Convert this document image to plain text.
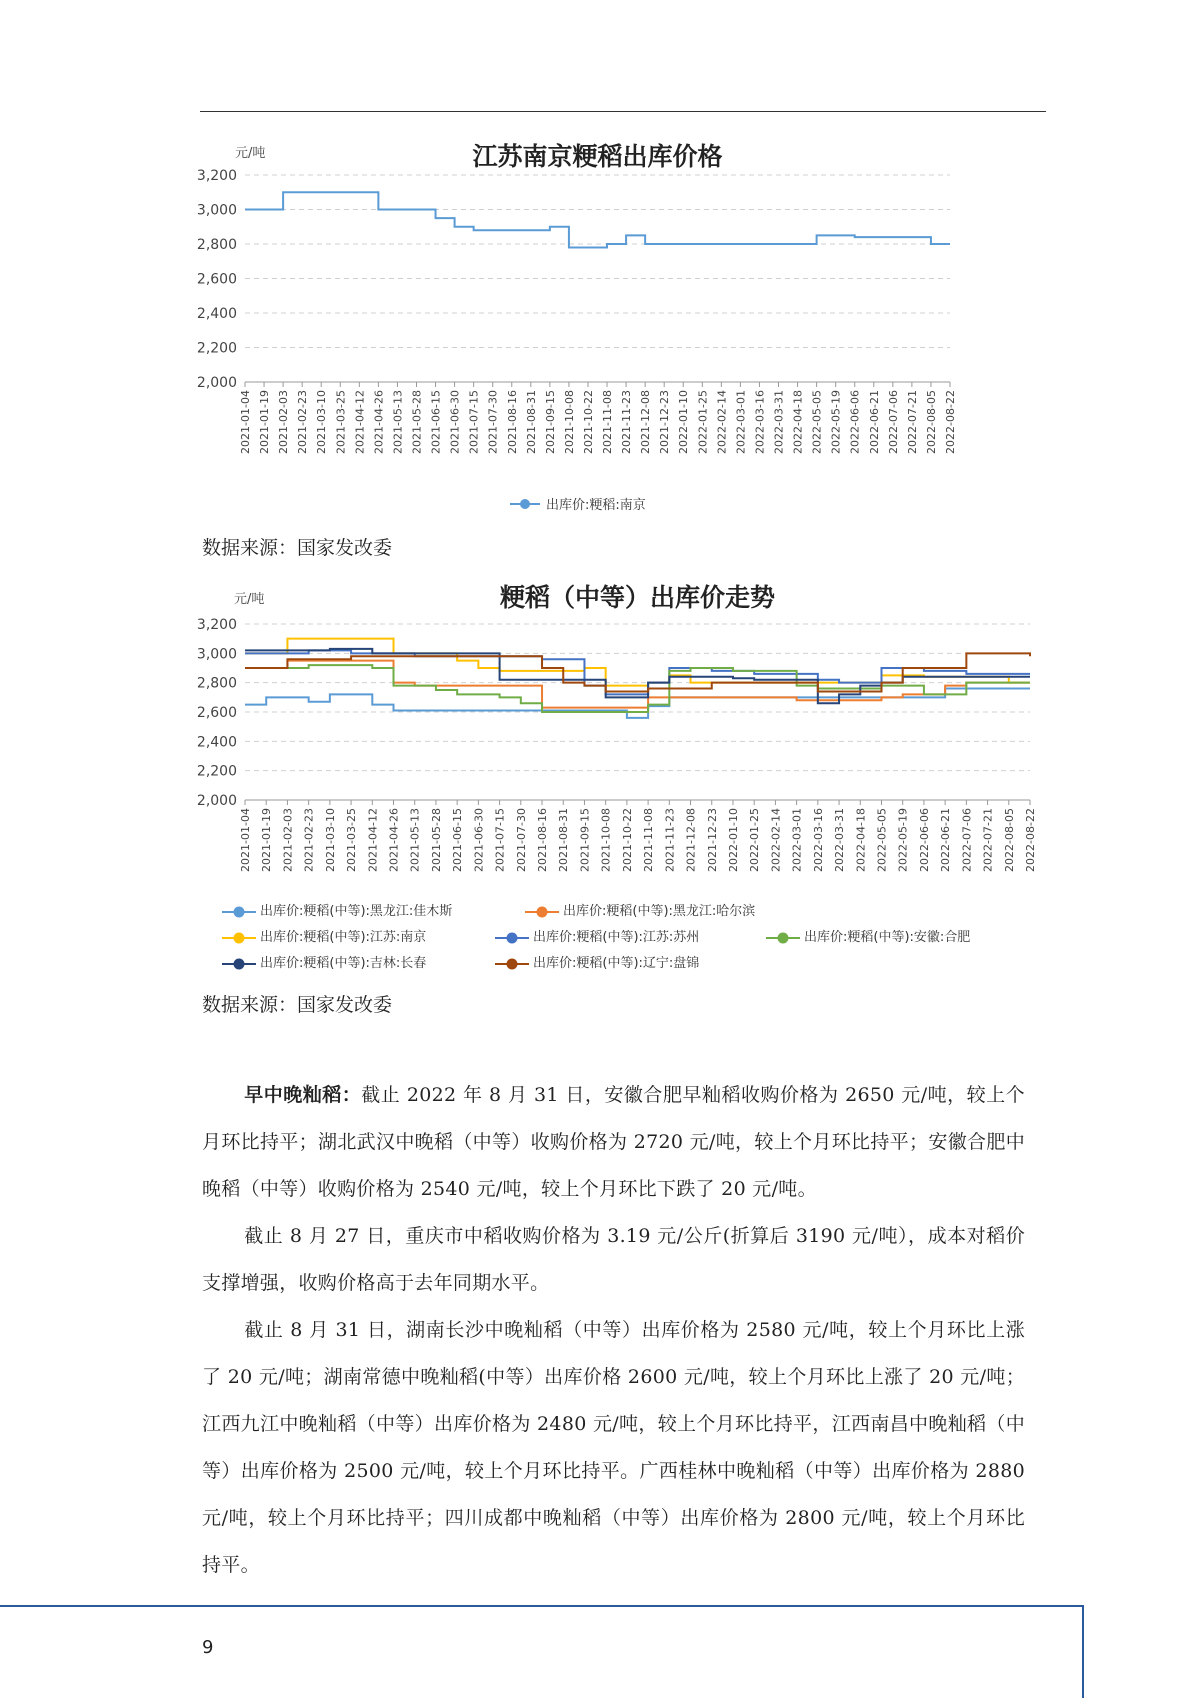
江苏南京粳稻出库价格
元/吨
3,200
3,000
2,800
2,600
2,400
2,200
2,000
2021-01-04 2021-01-19 2021-02-03 2021-02-23 2021-03-10 2021-03-25 2021-04-12 2021-04-26 2021-05-13 2021-05-28 2021-06-15 2021-06-30 2021-07-15 2021-07-30 2021-08-16 2021-08-31 2021-09-15 2021-10-08 2021-10-22 2021-11-08 2021-11-23 2021-12-08 2021-12-23 2022-01-10 2022-01-25 2022-02-14 2022-03-01 2022-03-16 2022-03-31 2022-04-18 2022-05-05 2022-05-19 2022-06-06 2022-06-21 2022-07-06 2022-07-21 2022-08-05 2022-08-22
出库价:粳稻:南京
数据来源：国家发改委
粳稻（中等）出库价走势
元/吨
3,200
3,000
2,800
2,600
2,400
2,200
2,000
2021-01-04 2021-01-19 2021-02-03 2021-02-23 2021-03-10 2021-03-25 2021-04-12 2021-04-26 2021-05-13 2021-05-28 2021-06-15 2021-06-30 2021-07-15 2021-07-30 2021-08-16 2021-08-31 2021-09-15 2021-10-08 2021-10-22 2021-11-08 2021-11-23 2021-12-08 2021-12-23 2022-01-10 2022-01-25 2022-02-14 2022-03-01 2022-03-16 2022-03-31 2022-04-18 2022-05-05 2022-05-19 2022-06-06 2022-06-21 2022-07-06 2022-07-21 2022-08-05 2022-08-22
出库价:粳稻(中等):黑龙江:佳木斯	出库价:粳稻(中等):黑龙江:哈尔滨
出库价:粳稻(中等):江苏:南京	出库价:粳稻(中等):江苏:苏州	出库价:粳稻(中等):安徽:合肥
出库价:粳稻(中等):吉林:长春	出库价:粳稻(中等):辽宁:盘锦
数据来源：国家发改委

早中晚籼稻：截止 2022 年 8 月 31 日，安徽合肥早籼稻收购价格为 2650 元/吨，较上个月环比持平；湖北武汉中晚稻（中等）收购价格为 2720 元/吨，较上个月环比持平；安徽合肥中晚稻（中等）收购价格为 2540 元/吨，较上个月环比下跌了 20 元/吨。

截止 8 月 27 日，重庆市中稻收购价格为 3.19 元/公斤(折算后 3190 元/吨），成本对稻价支撑增强，收购价格高于去年同期水平。

截止 8 月 31 日，湖南长沙中晚籼稻（中等）出库价格为 2580 元/吨，较上个月环比上涨了 20 元/吨；湖南常德中晚籼稻(中等）出库价格 2600 元/吨，较上个月环比上涨了 20 元/吨；江西九江中晚籼稻（中等）出库价格为 2480 元/吨，较上个月环比持平，江西南昌中晚籼稻（中等）出库价格为 2500 元/吨，较上个月环比持平。广西桂林中晚籼稻（中等）出库价格为 2880 元/吨，较上个月环比持平；四川成都中晚籼稻（中等）出库价格为 2800 元/吨，较上个月环比持平。

9
